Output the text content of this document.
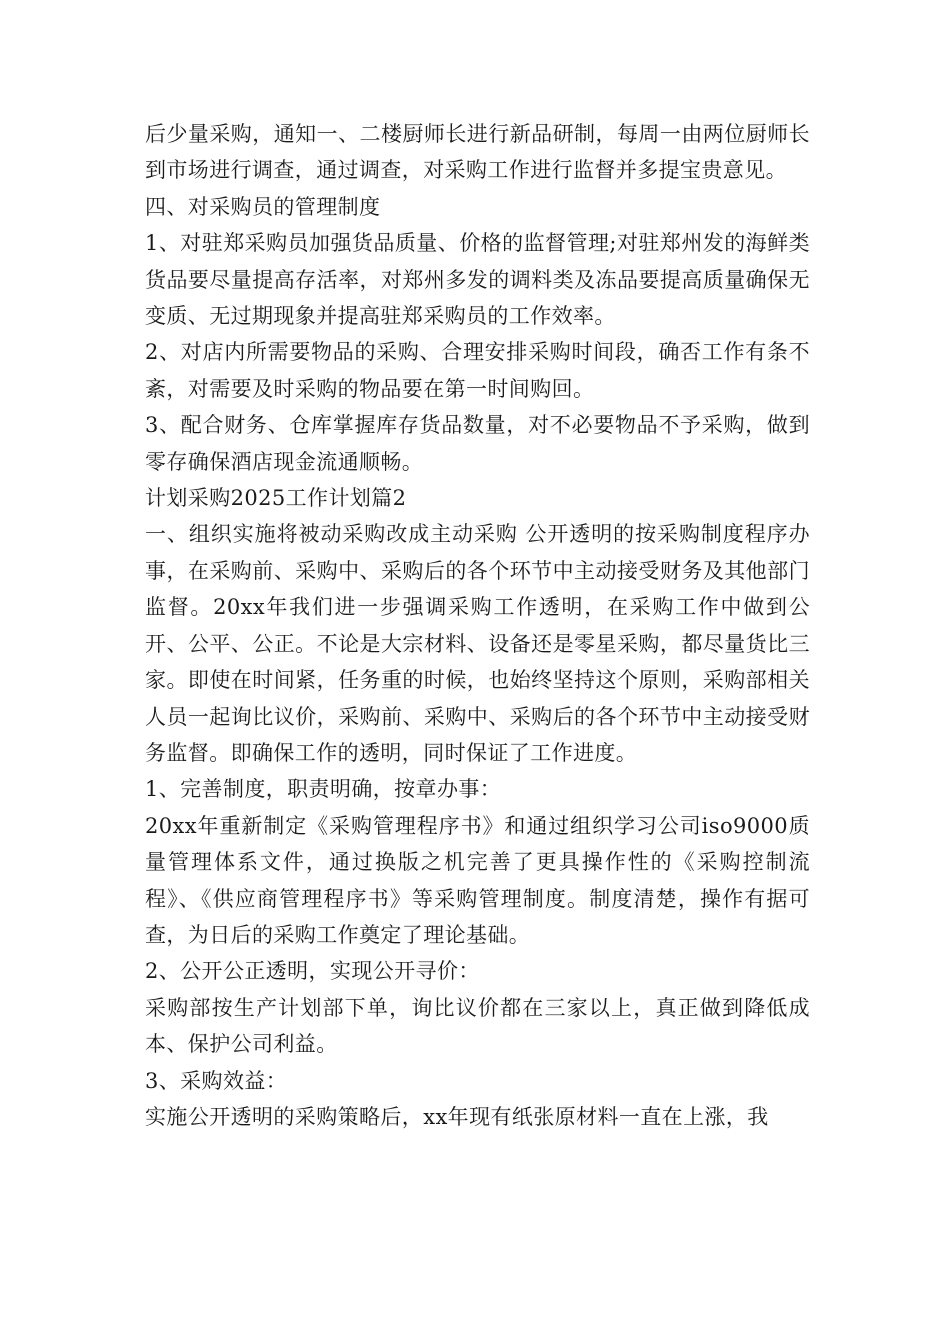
后少量采购，通知一、二楼厨师长进行新品研制，每周一由两位厨师长到市场进行调查，通过调查，对采购工作进行监督并多提宝贵意见。

四、对采购员的管理制度

1、对驻郑采购员加强货品质量、价格的监督管理;对驻郑州发的海鲜类货品要尽量提高存活率，对郑州多发的调料类及冻品要提高质量确保无变质、无过期现象并提高驻郑采购员的工作效率。

2、对店内所需要物品的采购、合理安排采购时间段，确否工作有条不紊，对需要及时采购的物品要在第一时间购回。

3、配合财务、仓库掌握库存货品数量，对不必要物品不予采购，做到零存确保酒店现金流通顺畅。

计划采购2025工作计划篇2

一、组织实施将被动采购改成主动采购 公开透明的按采购制度程序办事，在采购前、采购中、采购后的各个环节中主动接受财务及其他部门监督。20xx年我们进一步强调采购工作透明，在采购工作中做到公开、公平、公正。不论是大宗材料、设备还是零星采购，都尽量货比三家。即使在时间紧，任务重的时候，也始终坚持这个原则，采购部相关人员一起询比议价，采购前、采购中、采购后的各个环节中主动接受财务监督。即确保工作的透明，同时保证了工作进度。

1、完善制度，职责明确，按章办事：

20xx年重新制定《采购管理程序书》和通过组织学习公司iso9000质量管理体系文件，通过换版之机完善了更具操作性的《采购控制流程》、《供应商管理程序书》等采购管理制度。制度清楚，操作有据可查，为日后的采购工作奠定了理论基础。

2、公开公正透明，实现公开寻价：

采购部按生产计划部下单，询比议价都在三家以上，真正做到降低成本、保护公司利益。

3、采购效益：

实施公开透明的采购策略后，xx年现有纸张原材料一直在上涨，我
